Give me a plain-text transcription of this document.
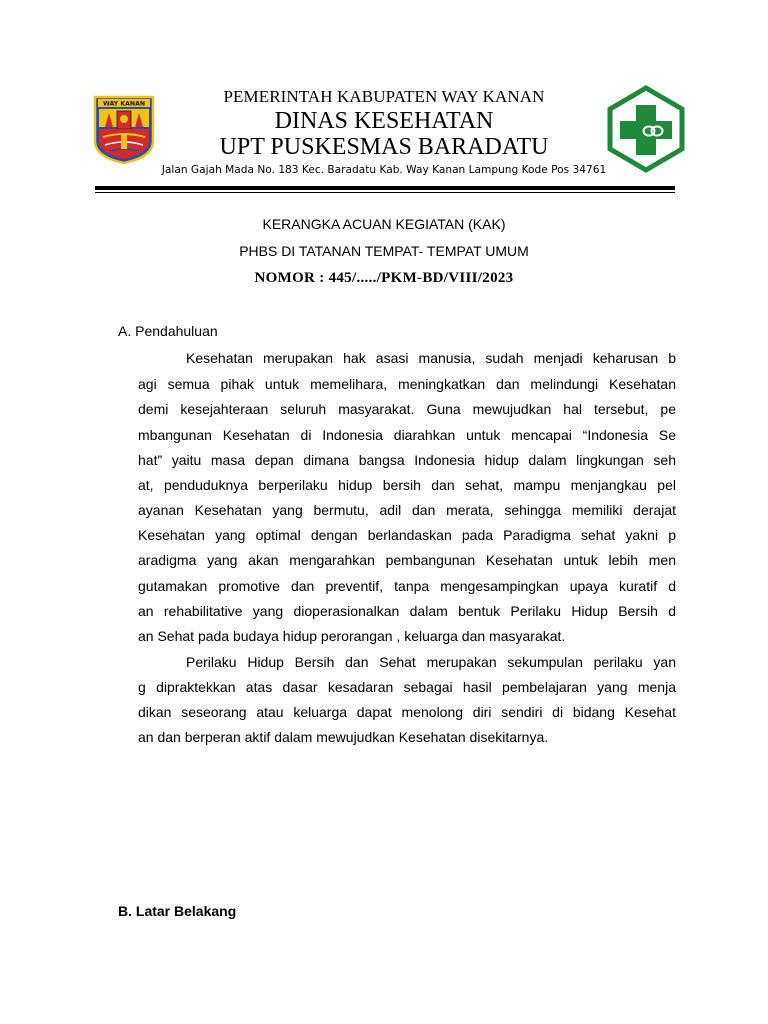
WAY KANAN	PEMERINTAH KABUPATEN WAY KANAN
DINAS KESEHATAN
UPT PUSKESMAS BARADATU
Jalan Gajah Mada No. 183 Kec. Baradatu Kab. Way Kanan Lampung Kode Pos 34761
KERANGKA ACUAN KEGIATAN (KAK)
PHBS DI TATANAN TEMPAT- TEMPAT UMUM
NOMOR : 445/...../PKM-BD/VIII/2023
A. Pendahuluan
Kesehatan merupakan hak asasi manusia, sudah menjadi keharusan b
agi semua pihak untuk memelihara, meningkatkan dan melindungi Kesehatan
demi kesejahteraan seluruh masyarakat. Guna mewujudkan hal tersebut, pe
mbangunan Kesehatan di Indonesia diarahkan untuk mencapai “Indonesia Se
hat” yaitu masa depan dimana bangsa Indonesia hidup dalam lingkungan seh
at, penduduknya berperilaku hidup bersih dan sehat, mampu menjangkau pel
ayanan Kesehatan yang bermutu, adil dan merata, sehingga memiliki derajat
Kesehatan yang optimal dengan berlandaskan pada Paradigma sehat yakni p
aradigma yang akan mengarahkan pembangunan Kesehatan untuk lebih men
gutamakan promotive dan preventif, tanpa mengesampingkan upaya kuratif d
an rehabilitative yang dioperasionalkan dalam bentuk Perilaku Hidup Bersih d
an Sehat pada budaya hidup perorangan , keluarga dan masyarakat.
Perilaku Hidup Bersih dan Sehat merupakan sekumpulan perilaku yan
g dipraktekkan atas dasar kesadaran sebagai hasil pembelajaran yang menja
dikan seseorang atau keluarga dapat menolong diri sendiri di bidang Kesehat
an dan berperan aktif dalam mewujudkan Kesehatan disekitarnya.
B. Latar Belakang
